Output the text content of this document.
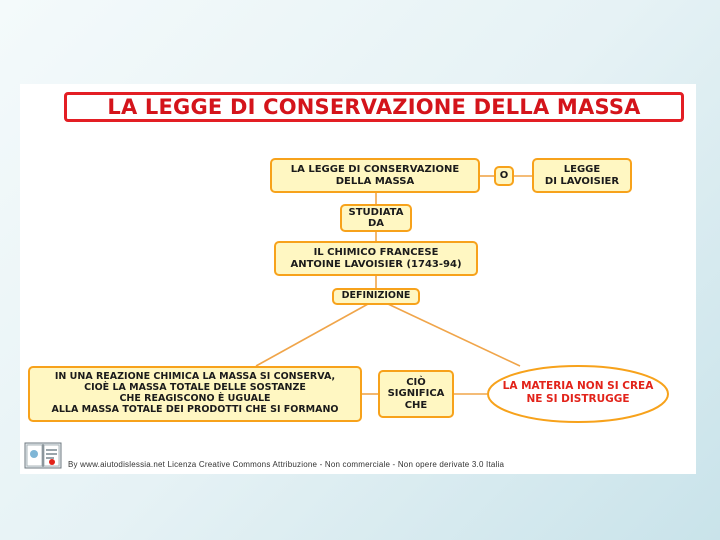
LA LEGGE DI CONSERVAZIONE DELLA MASSA
LA LEGGE DI CONSERVAZIONE
DELLA MASSA	O
LEGGE
DI LAVOISIER
STUDIATA
DA
IL CHIMICO FRANCESE
ANTOINE LAVOISIER (1743-94)
DEFINIZIONE
IN UNA REAZIONE CHIMICA LA MASSA SI CONSERVA,
CIOÈ LA MASSA TOTALE DELLE SOSTANZE
CHE REAGISCONO È UGUALE
ALLA MASSA TOTALE DEI PRODOTTI CHE SI FORMANO
CIÒ
SIGNIFICA
CHE
LA MATERIA NON SI CREA
NE SI DISTRUGGE
By www.aiutodislessia.net Licenza Creative Commons Attribuzione - Non commerciale - Non opere derivate 3.0 Italia
